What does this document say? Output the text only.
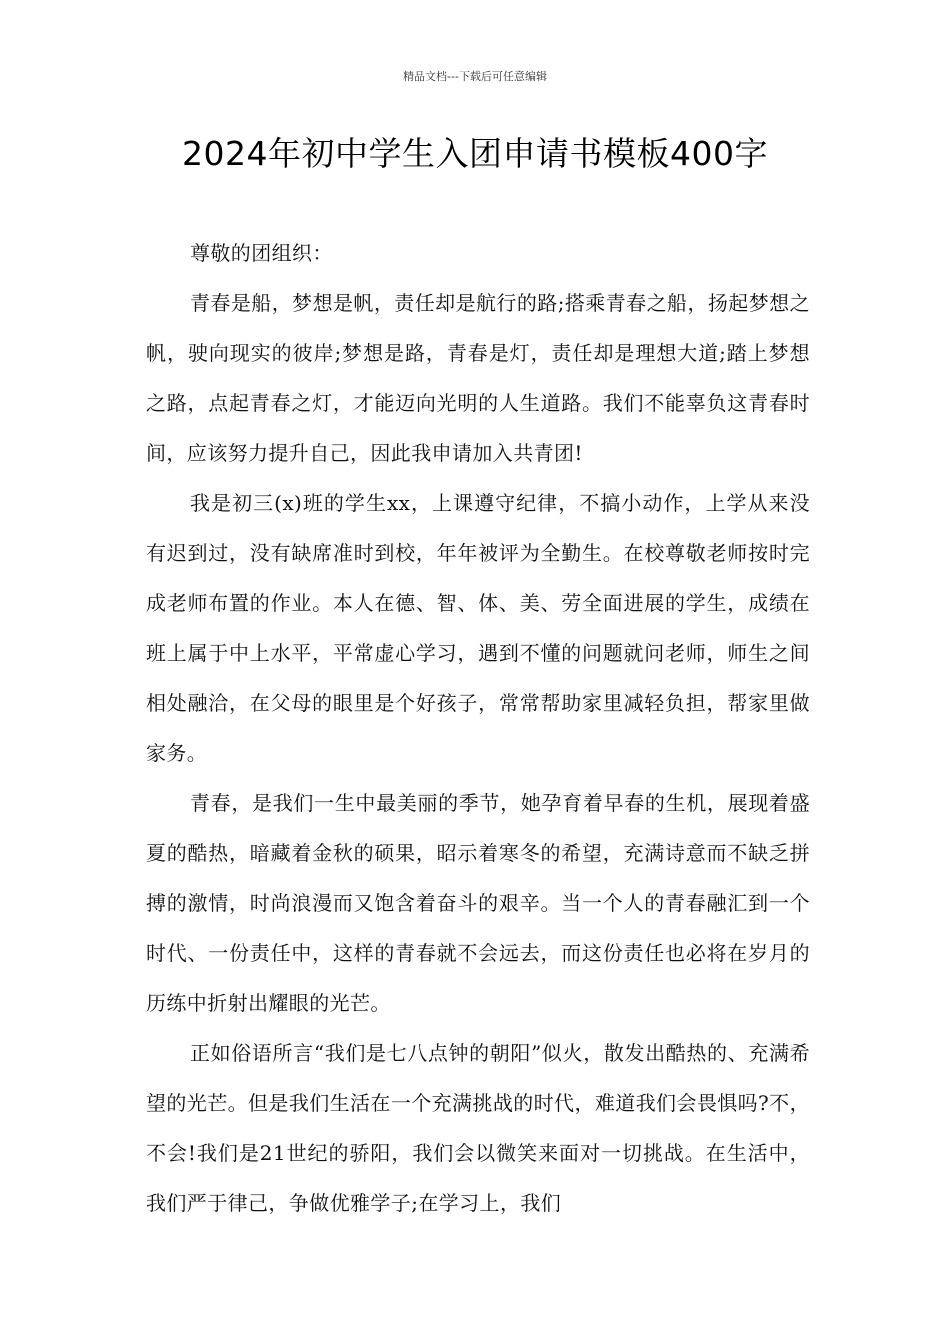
精品文档---下载后可任意编辑
2024年初中学生入团申请书模板400字

尊敬的团组织：

青春是船，梦想是帆，责任却是航行的路;搭乘青春之船，扬起梦想之帆，驶向现实的彼岸;梦想是路，青春是灯，责任却是理想大道;踏上梦想之路，点起青春之灯，才能迈向光明的人生道路。我们不能辜负这青春时间，应该努力提升自己，因此我申请加入共青团!

我是初三(x)班的学生xx，上课遵守纪律，不搞小动作，上学从来没有迟到过，没有缺席准时到校，年年被评为全勤生。在校尊敬老师按时完成老师布置的作业。本人在德、智、体、美、劳全面进展的学生，成绩在班上属于中上水平，平常虚心学习，遇到不懂的问题就问老师，师生之间相处融洽，在父母的眼里是个好孩子，常常帮助家里减轻负担，帮家里做家务。

青春，是我们一生中最美丽的季节，她孕育着早春的生机，展现着盛夏的酷热，暗藏着金秋的硕果，昭示着寒冬的希望，充满诗意而不缺乏拼搏的激情，时尚浪漫而又饱含着奋斗的艰辛。当一个人的青春融汇到一个时代、一份责任中，这样的青春就不会远去，而这份责任也必将在岁月的历练中折射出耀眼的光芒。

正如俗语所言“我们是七八点钟的朝阳”似火，散发出酷热的、充满希望的光芒。但是我们生活在一个充满挑战的时代，难道我们会畏惧吗?不，不会!我们是21世纪的骄阳，我们会以微笑来面对一切挑战。在生活中，我们严于律己，争做优雅学子;在学习上，我们
